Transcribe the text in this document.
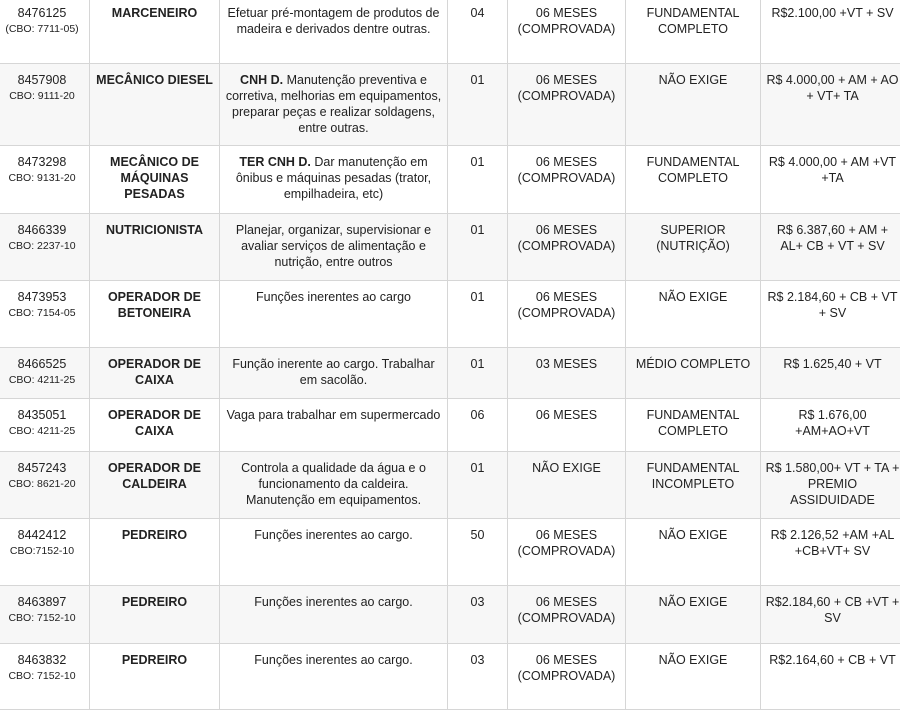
8476125
(CBO: 7711-05)	MARCENEIRO	Efetuar pré-montagem de produtos de madeira e derivados dentre outras.	04	06 MESES (COMPROVADA)	FUNDAMENTAL COMPLETO	R$2.100,00 +VT + SV

8457908
CBO: 9111-20	MECÂNICO DIESEL	CNH D. Manutenção preventiva e corretiva, melhorias em equipamentos, preparar peças e realizar soldagens, entre outras.	01	06 MESES (COMPROVADA)	NÃO EXIGE	R$ 4.000,00 + AM + AO + VT+ TA

8473298
CBO: 9131-20	MECÂNICO DE MÁQUINAS PESADAS	TER CNH D. Dar manutenção em ônibus e máquinas pesadas (trator, empilhadeira, etc)	01	06 MESES (COMPROVADA)	FUNDAMENTAL COMPLETO	R$ 4.000,00 + AM +VT +TA

8466339
CBO: 2237-10	NUTRICIONISTA	Planejar, organizar, supervisionar e avaliar serviços de alimentação e nutrição, entre outros	01	06 MESES (COMPROVADA)	SUPERIOR (NUTRIÇÃO)	R$ 6.387,60 + AM + AL+ CB + VT + SV

8473953
CBO: 7154-05	OPERADOR DE BETONEIRA	Funções inerentes ao cargo	01	06 MESES (COMPROVADA)	NÃO EXIGE	R$ 2.184,60 + CB + VT + SV

8466525
CBO: 4211-25	OPERADOR DE CAIXA	Função inerente ao cargo. Trabalhar em sacolão.	01	03 MESES	MÉDIO COMPLETO	R$ 1.625,40 + VT

8435051
CBO: 4211-25	OPERADOR DE CAIXA	Vaga para trabalhar em supermercado	06	06 MESES	FUNDAMENTAL COMPLETO	R$ 1.676,00 +AM+AO+VT

8457243
CBO: 8621-20	OPERADOR DE CALDEIRA	Controla a qualidade da água e o funcionamento da caldeira. Manutenção em equipamentos.	01	NÃO EXIGE	FUNDAMENTAL INCOMPLETO	R$ 1.580,00+ VT + TA + PREMIO ASSIDUIDADE

8442412
CBO:7152-10	PEDREIRO	Funções inerentes ao cargo.	50	06 MESES (COMPROVADA)	NÃO EXIGE	R$ 2.126,52 +AM +AL +CB+VT+ SV

8463897
CBO: 7152-10	PEDREIRO	Funções inerentes ao cargo.	03	06 MESES (COMPROVADA)	NÃO EXIGE	R$2.184,60 + CB +VT + SV

8463832
CBO: 7152-10	PEDREIRO	Funções inerentes ao cargo.	03	06 MESES (COMPROVADA)	NÃO EXIGE	R$2.164,60 + CB + VT
